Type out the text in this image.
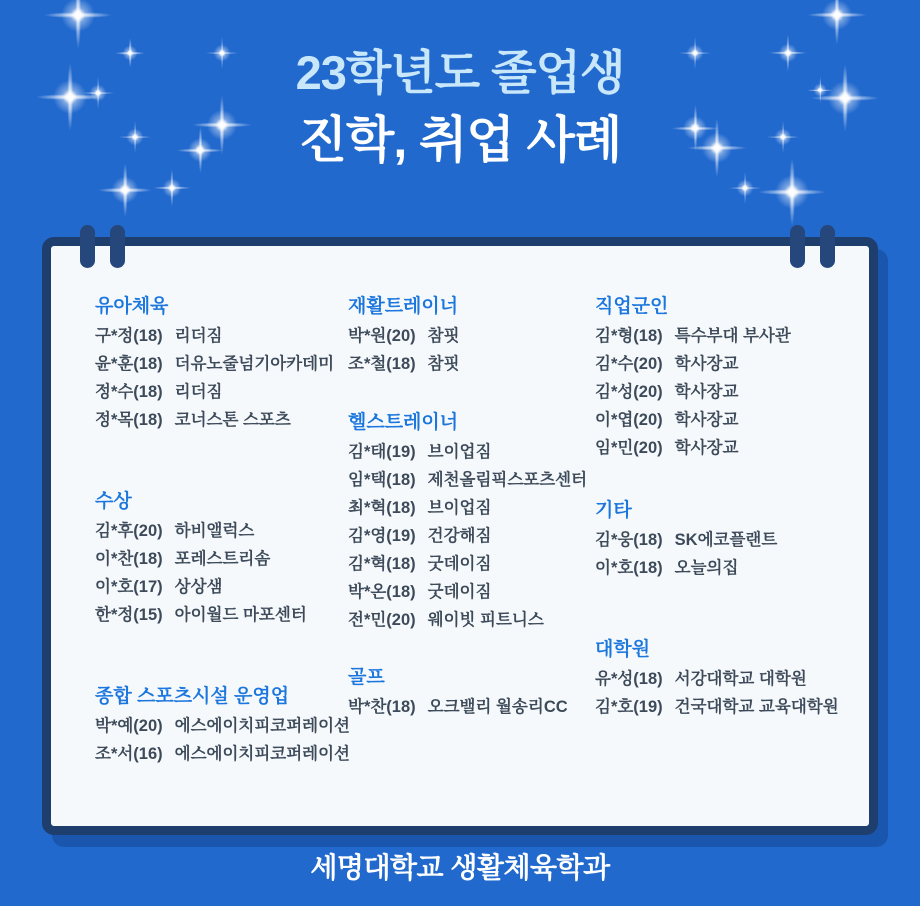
23학년도 졸업생
진학, 취업 사례
유아체육
구*정(18) 리더짐
윤*훈(18) 더유노줄넘기아카데미
정*수(18) 리더짐
정*목(18) 코너스톤 스포츠
수상
김*후(20) 하비앨럭스
이*찬(18) 포레스트리솜
이*호(17) 상상샘
한*정(15) 아이월드 마포센터
종합 스포츠시설 운영업
박*예(20) 에스에이치피코퍼레이션
조*서(16) 에스에이치피코퍼레이션
재활트레이너
박*원(20) 참핏
조*철(18) 참핏
헬스트레이너
김*태(19) 브이업짐
임*택(18) 제천올림픽스포츠센터
최*혁(18) 브이업짐
김*영(19) 건강해짐
김*혁(18) 굿데이짐
박*온(18) 굿데이짐
전*민(20) 웨이빗 피트니스
골프
박*찬(18) 오크밸리 월송리CC
직업군인
김*형(18) 특수부대 부사관
김*수(20) 학사장교
김*성(20) 학사장교
이*엽(20) 학사장교
임*민(20) 학사장교
기타
김*웅(18) SK에코플랜트
이*호(18) 오늘의집
대학원
유*성(18) 서강대학교 대학원
김*호(19) 건국대학교 교육대학원
세명대학교 생활체육학과
